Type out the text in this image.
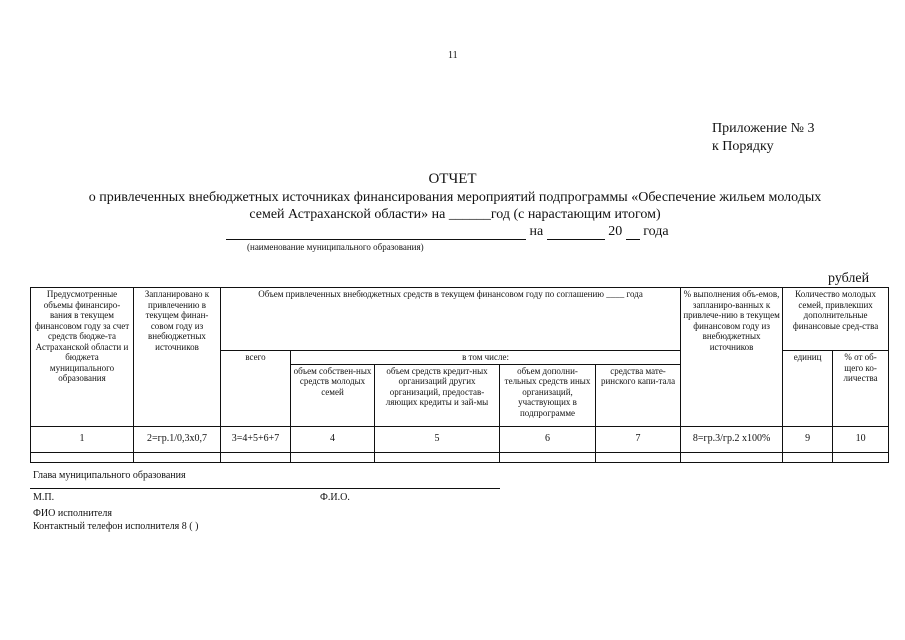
11
Приложение № 3
к Порядку
ОТЧЕТ
о привлеченных внебюджетных источниках финансирования мероприятий подпрограммы «Обеспечение жильем молодых
семей Астраханской области» на ______год (с нарастающим итогом)
на	20 года
(наименование муниципального образования)
рублей
Предусмотренные объемы финансиро-вания в текущем финансовом году за счет средств бюдже-та Астраханской области и бюджета муниципального образования	Запланировано к привлечению в текущем финан-совом году из внебюджетных источников	Объем привлеченных внебюджетных средств в текущем финансовом году по соглашению ____ года					% выполнения объ-емов, запланиро-ванных к привлече-нию в текущем финансовом году из внебюджетных источников	Количество молодых семей, привлекших дополнительные финансовые сред-ства	
		всего	в том числе:					единиц	% от об-щего ко-личества
			объем собствен-ных средств молодых семей	объем средств кредит-ных организаций других организаций, предостав-ляющих кредиты и зай-мы	объем дополни-тельных средств иных организаций, участвующих в подпрограмме	средства мате-ринского капи-тала			
1	2=гр.1/0,3х0,7	3=4+5+6+7	4	5	6	7	8=гр.3/гр.2 х100%	9	10

Глава муниципального образования
М.П.	Ф.И.О.
ФИО исполнителя
Контактный телефон исполнителя 8 ( )
